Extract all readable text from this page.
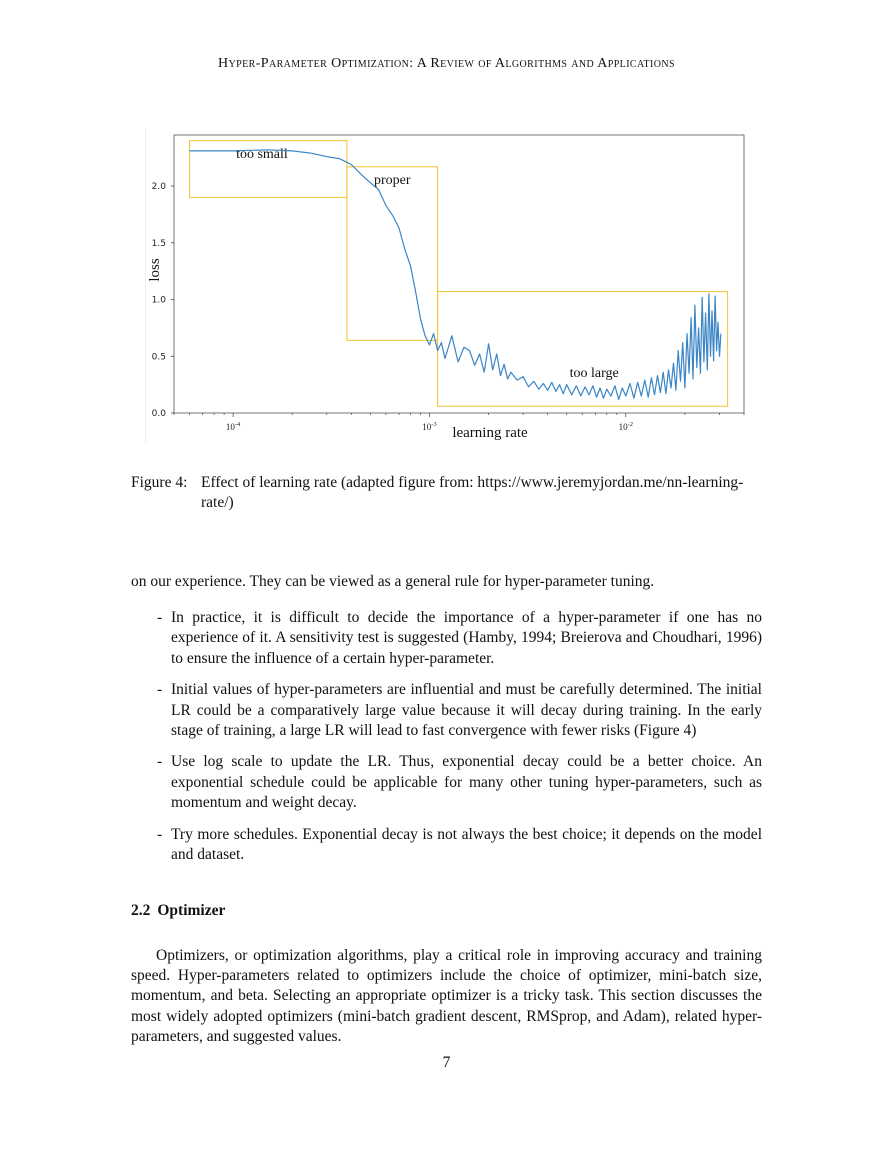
Hyper-Parameter Optimization: A Review of Algorithms and Applications
too small
proper
too large
0.0
0.5
1.0
1.5
2.0
$10^{-4}$	$10^{-3}$	$10^{-2}$
loss
learning rate
Figure 4: Effect of learning rate (adapted figure from: https://www.jeremyjordan.me/nn-learning-rate/)

on our experience. They can be viewed as a general rule for hyper-parameter tuning.

- In practice, it is difficult to decide the importance of a hyper-parameter if one has no experience of it. A sensitivity test is suggested (Hamby, 1994; Breierova and Choudhari, 1996) to ensure the influence of a certain hyper-parameter.
- Initial values of hyper-parameters are influential and must be carefully determined. The initial LR could be a comparatively large value because it will decay during training. In the early stage of training, a large LR will lead to fast convergence with fewer risks (Figure 4)
- Use log scale to update the LR. Thus, exponential decay could be a better choice. An exponential schedule could be applicable for many other tuning hyper-parameters, such as momentum and weight decay.
- Try more schedules. Exponential decay is not always the best choice; it depends on the model and dataset.
2.2 Optimizer

Optimizers, or optimization algorithms, play a critical role in improving accuracy and training speed. Hyper-parameters related to optimizers include the choice of optimizer, mini-batch size, momentum, and beta. Selecting an appropriate optimizer is a tricky task. This section discusses the most widely adopted optimizers (mini-batch gradient descent, RMSprop, and Adam), related hyper-parameters, and suggested values.

7
